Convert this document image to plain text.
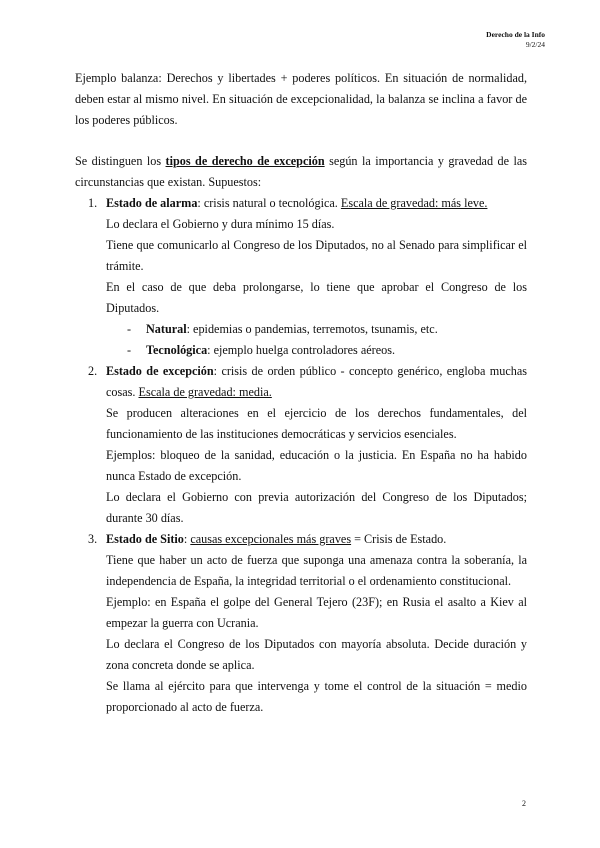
Derecho de la Info
9/2/24

Ejemplo balanza: Derechos y libertades + poderes políticos. En situación de normalidad, deben estar al mismo nivel. En situación de excepcionalidad, la balanza se inclina a favor de los poderes públicos.

Se distinguen los tipos de derecho de excepción según la importancia y gravedad de las circunstancias que existan. Supuestos:

1. Estado de alarma: crisis natural o tecnológica. Escala de gravedad: más leve.

Lo declara el Gobierno y dura mínimo 15 días.

Tiene que comunicarlo al Congreso de los Diputados, no al Senado para simplificar el trámite.

En el caso de que deba prolongarse, lo tiene que aprobar el Congreso de los Diputados.

- Natural: epidemias o pandemias, terremotos, tsunamis, etc.
- Tecnológica: ejemplo huelga controladores aéreos.
2. Estado de excepción: crisis de orden público - concepto genérico, engloba muchas cosas. Escala de gravedad: media.

Se producen alteraciones en el ejercicio de los derechos fundamentales, del funcionamiento de las instituciones democráticas y servicios esenciales.

Ejemplos: bloqueo de la sanidad, educación o la justicia. En España no ha habido nunca Estado de excepción.

Lo declara el Gobierno con previa autorización del Congreso de los Diputados; durante 30 días.

3. Estado de Sitio: causas excepcionales más graves = Crisis de Estado.

Tiene que haber un acto de fuerza que suponga una amenaza contra la soberanía, la independencia de España, la integridad territorial o el ordenamiento constitucional.

Ejemplo: en España el golpe del General Tejero (23F); en Rusia el asalto a Kiev al empezar la guerra con Ucrania.

Lo declara el Congreso de los Diputados con mayoría absoluta. Decide duración y zona concreta donde se aplica.

Se llama al ejército para que intervenga y tome el control de la situación = medio proporcionado al acto de fuerza.

2
